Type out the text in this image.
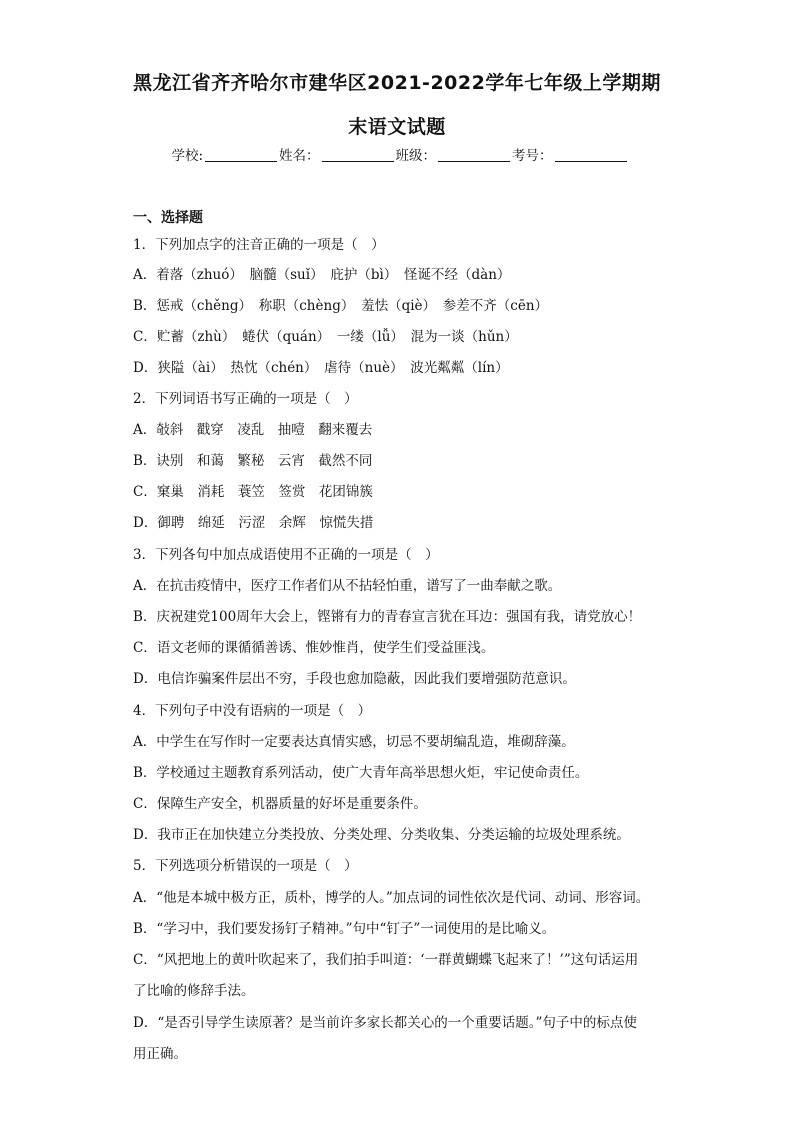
黑龙江省齐齐哈尔市建华区2021-2022学年七年级上学期期
末语文试题
学校:	姓名：	班级：	考号：
一、选择题
1．下列加点字的注音正确的一项是（　）
A．着落（zhuó）　脑髓（suǐ）　庇护（bì）　怪诞不经（dàn）
B．惩戒（chěng）　称职（chèng）　羞怯（qiè）　参差不齐（cēn）
C．贮蓄（zhù）　蜷伏（quán）　一缕（lǚ）　混为一谈（hǔn）
D．狭隘（ài）　热忱（chén）　虐待（nuè）　波光粼粼（lín）
2．下列词语书写正确的一项是（　）
A．敧斜　戳穿　凌乱　抽噎　翻来覆去
B．诀别　和蔼　繁秘　云宵　截然不同
C．窠巢　消耗　蓑笠　签赏　花团锦簇
D．御聘　绵延　污涩　余辉　惊慌失措
3．下列各句中加点成语使用不正确的一项是（　）
A．在抗击疫情中，医疗工作者们从不拈轻怕重，谱写了一曲奉献之歌。
B．庆祝建党100周年大会上，铿锵有力的青春宣言犹在耳边：强国有我，请党放心！
C．语文老师的课循循善诱、惟妙惟肖，使学生们受益匪浅。
D．电信诈骗案件层出不穷，手段也愈加隐蔽，因此我们要增强防范意识。
4．下列句子中没有语病的一项是（　）
A．中学生在写作时一定要表达真情实感，切忌不要胡编乱造，堆砌辞藻。
B．学校通过主题教育系列活动，使广大青年高举思想火炬，牢记使命责任。
C．保障生产安全，机器质量的好坏是重要条件。
D．我市正在加快建立分类投放、分类处理、分类收集、分类运输的垃圾处理系统。
5．下列选项分析错误的一项是（　）
A．“他是本城中极方正，质朴，博学的人。”加点词的词性依次是代词、动词、形容词。
B．“学习中，我们要发扬钉子精神。”句中“钉子”一词使用的是比喻义。
C．“风把地上的黄叶吹起来了，我们拍手叫道：‘一群黄蝴蝶飞起来了！’”这句话运用
了比喻的修辞手法。
D．“是否引导学生读原著？是当前许多家长都关心的一个重要话题。”句子中的标点使
用正确。
